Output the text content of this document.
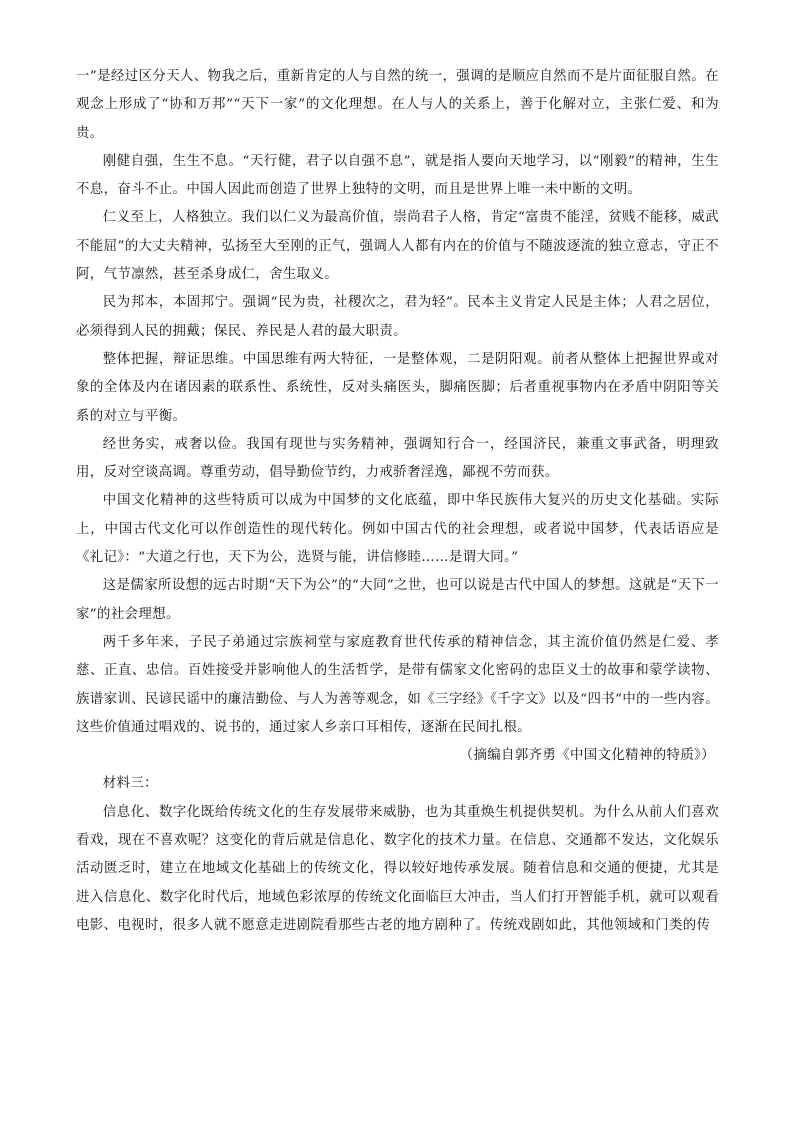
一”是经过区分天人、物我之后，重新肯定的人与自然的统一，强调的是顺应自然而不是片面征服自然。在观念上形成了“协和万邦”“天下一家”的文化理想。在人与人的关系上，善于化解对立，主张仁爱、和为贵。

刚健自强，生生不息。“天行健，君子以自强不息”，就是指人要向天地学习，以“刚毅”的精神，生生不息，奋斗不止。中国人因此而创造了世界上独特的文明，而且是世界上唯一未中断的文明。

仁义至上，人格独立。我们以仁义为最高价值，崇尚君子人格，肯定“富贵不能淫，贫贱不能移，威武不能屈”的大丈夫精神，弘扬至大至刚的正气，强调人人都有内在的价值与不随波逐流的独立意志，守正不阿，气节凛然，甚至杀身成仁，舍生取义。

民为邦本，本固邦宁。强调“民为贵，社稷次之，君为轻”。民本主义肯定人民是主体；人君之居位，必须得到人民的拥戴；保民、养民是人君的最大职责。

整体把握，辩证思维。中国思维有两大特征，一是整体观，二是阴阳观。前者从整体上把握世界或对象的全体及内在诸因素的联系性、系统性，反对头痛医头，脚痛医脚；后者重视事物内在矛盾中阴阳等关系的对立与平衡。

经世务实，戒奢以俭。我国有现世与实务精神，强调知行合一，经国济民，兼重文事武备，明理致用，反对空谈高调。尊重劳动，倡导勤俭节约，力戒骄奢淫逸，鄙视不劳而获。

中国文化精神的这些特质可以成为中国梦的文化底蕴，即中华民族伟大复兴的历史文化基础。实际上，中国古代文化可以作创造性的现代转化。例如中国古代的社会理想，或者说中国梦，代表话语应是《礼记》：“大道之行也，天下为公，选贤与能，讲信修睦……是谓大同。”

这是儒家所设想的远古时期“天下为公”的“大同”之世，也可以说是古代中国人的梦想。这就是“天下一家”的社会理想。

两千多年来，子民子弟通过宗族祠堂与家庭教育世代传承的精神信念，其主流价值仍然是仁爱、孝慈、正直、忠信。百姓接受并影响他人的生活哲学，是带有儒家文化密码的忠臣义士的故事和蒙学读物、族谱家训、民谚民谣中的廉洁勤俭、与人为善等观念，如《三字经》《千字文》以及“四书”中的一些内容。这些价值通过唱戏的、说书的，通过家人乡亲口耳相传，逐渐在民间扎根。

（摘编自郭齐勇《中国文化精神的特质》）

材料三：

信息化、数字化既给传统文化的生存发展带来威胁，也为其重焕生机提供契机。为什么从前人们喜欢看戏，现在不喜欢呢？这变化的背后就是信息化、数字化的技术力量。在信息、交通都不发达，文化娱乐活动匮乏时，建立在地域文化基础上的传统文化，得以较好地传承发展。随着信息和交通的便捷，尤其是进入信息化、数字化时代后，地域色彩浓厚的传统文化面临巨大冲击，当人们打开智能手机，就可以观看电影、电视时，很多人就不愿意走进剧院看那些古老的地方剧种了。传统戏剧如此，其他领域和门类的传
